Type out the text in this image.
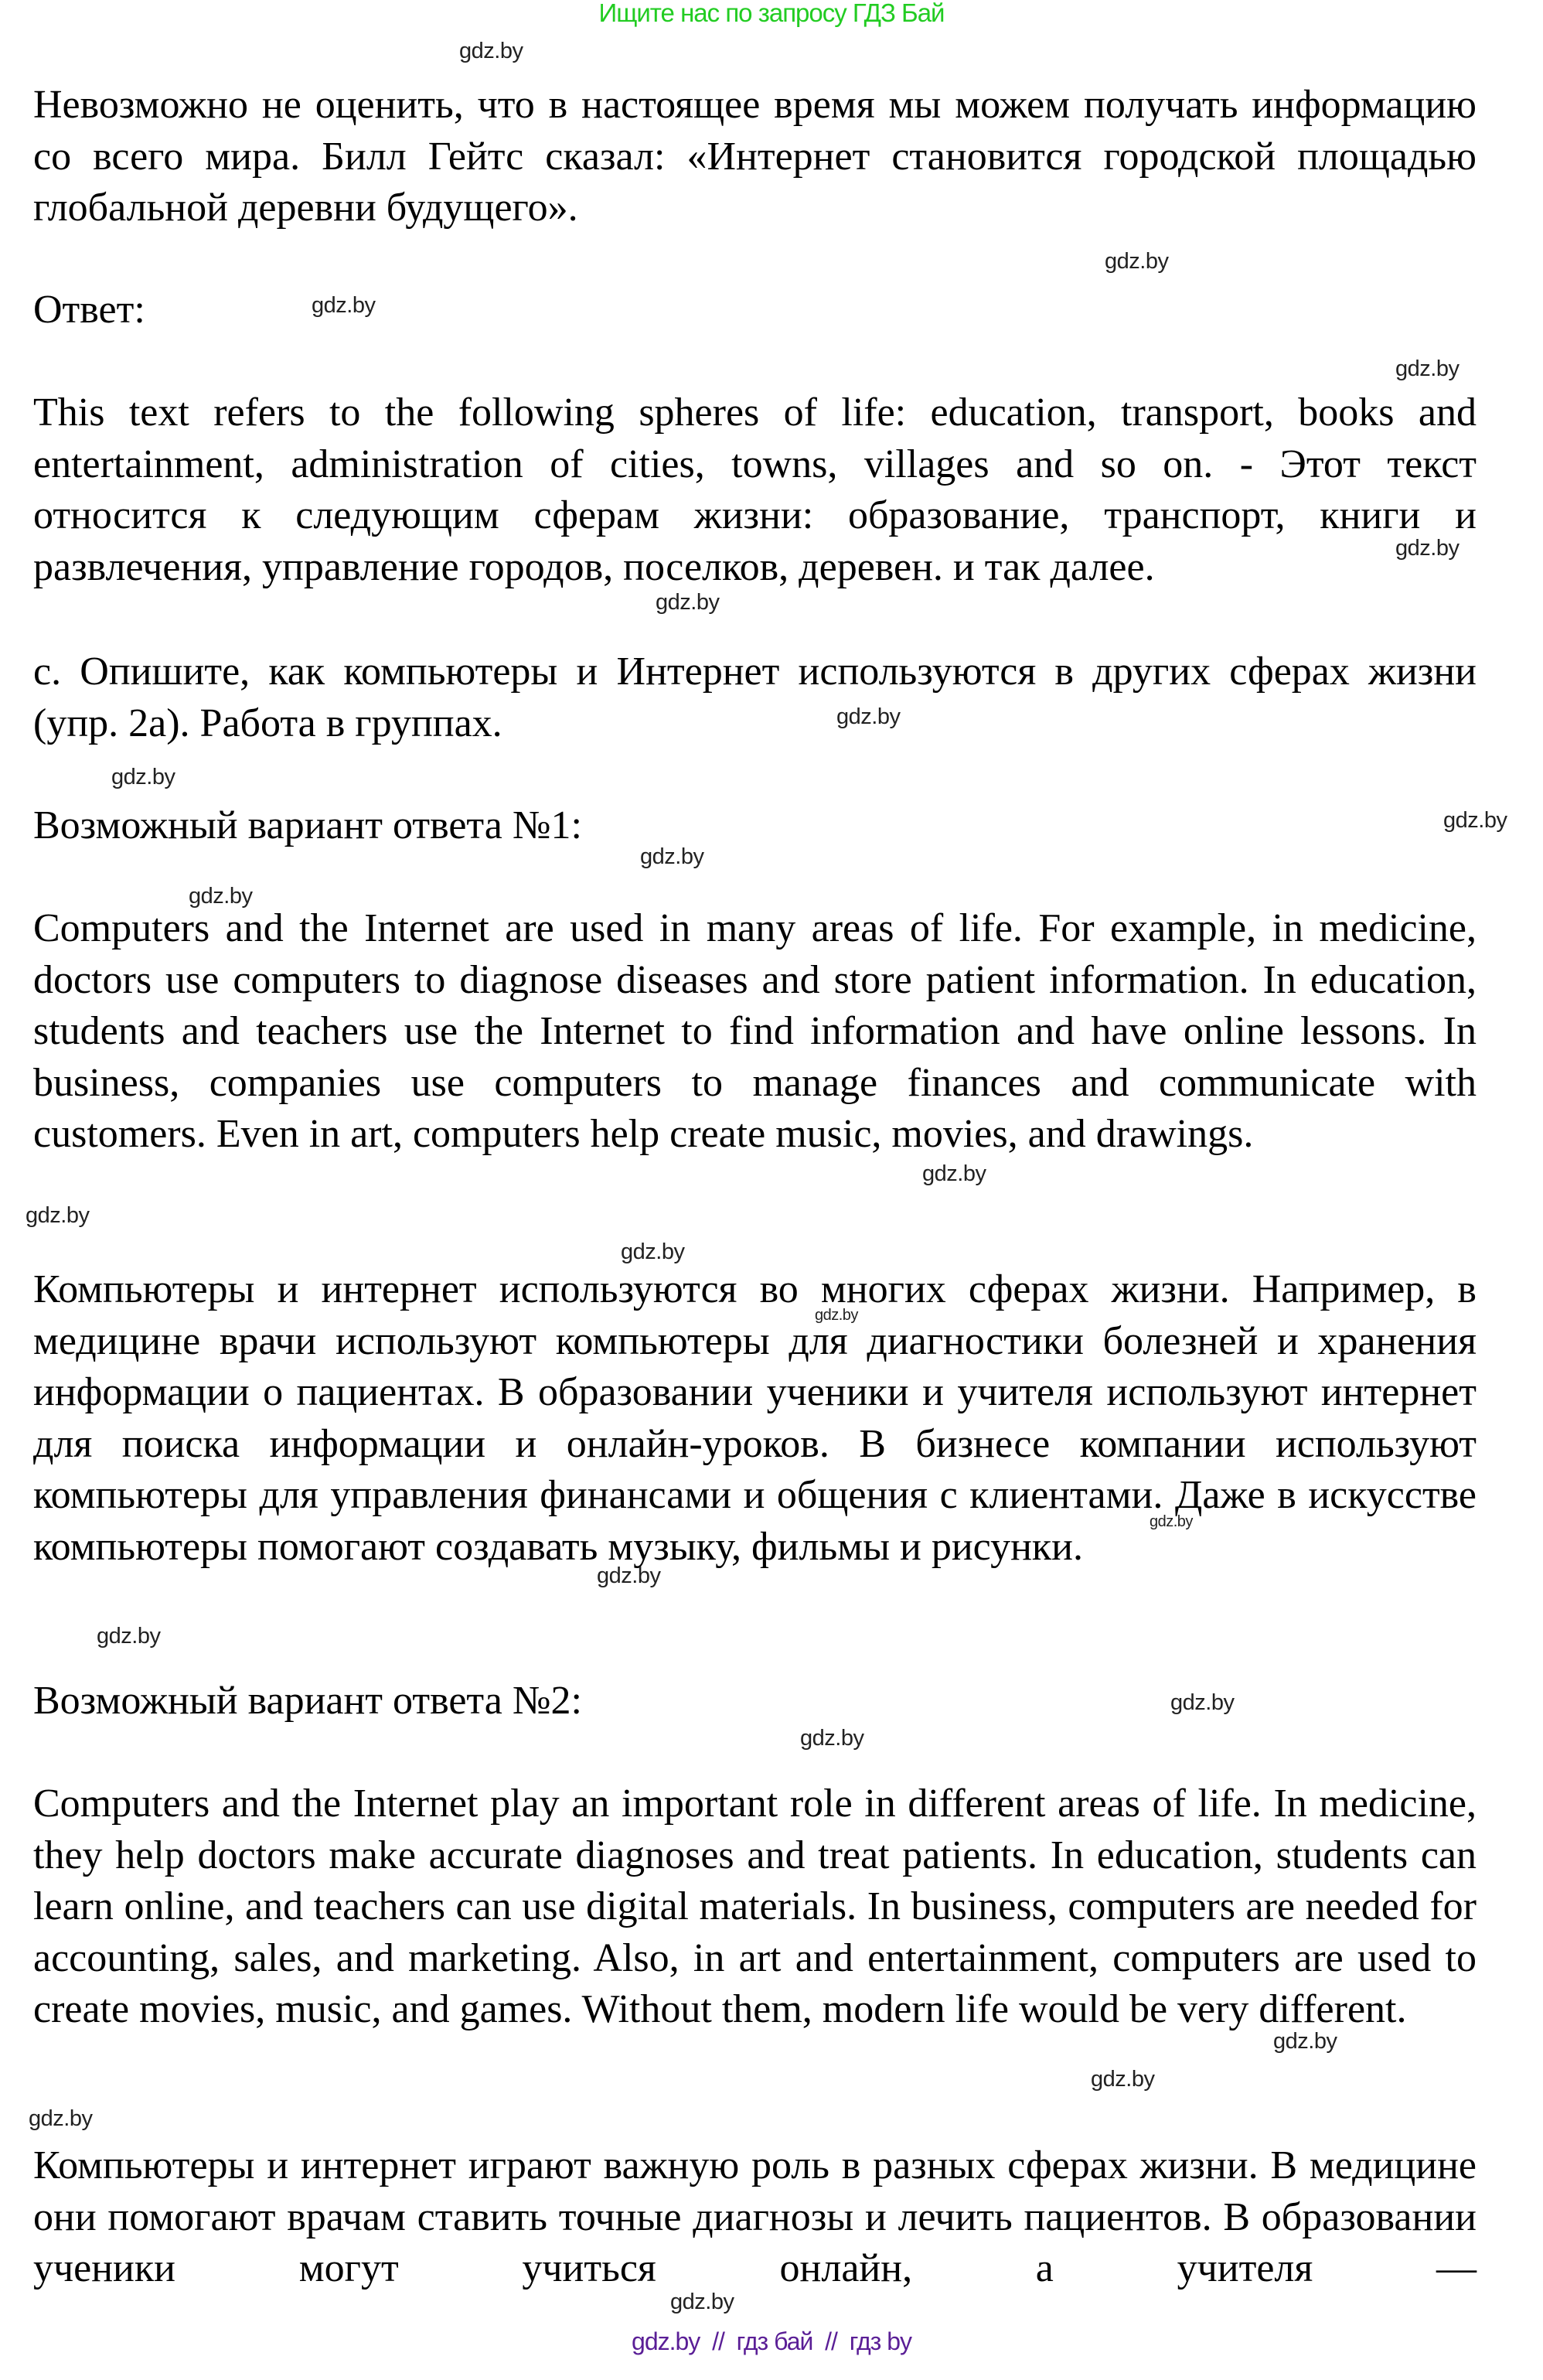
Ищите нас по запросу ГДЗ Бай

Невозможно не оценить, что в настоящее время мы можем получать информацию со всего мира. Билл Гейтс сказал: «Интернет становится городской площадью глобальной деревни будущего».

Ответ:

This text refers to the following spheres of life: education, transport, books and entertainment, administration of cities, towns, villages and so on. - Этот текст относится к следующим сферам жизни: образование, транспорт, книги и развлечения, управление городов, поселков, деревен. и так далее.

c. Опишите, как компьютеры и Интернет используются в других сферах жизни (упр. 2а). Работа в группах.

Возможный вариант ответа №1:

Computers and the Internet are used in many areas of life. For example, in medicine, doctors use computers to diagnose diseases and store patient information. In education, students and teachers use the Internet to find information and have online lessons. In business, companies use computers to manage finances and communicate with customers. Even in art, computers help create music, movies, and drawings.

Компьютеры и интернет используются во многих сферах жизни. Например, в медицине врачи используют компьютеры для диагностики болезней и хранения информации о пациентах. В образовании ученики и учителя используют интернет для поиска информации и онлайн-уроков. В бизнесе компании используют компьютеры для управления финансами и общения с клиентами. Даже в искусстве компьютеры помогают создавать музыку, фильмы и рисунки.

Возможный вариант ответа №2:

Computers and the Internet play an important role in different areas of life. In medicine, they help doctors make accurate diagnoses and treat patients. In education, students can learn online, and teachers can use digital materials. In business, computers are needed for accounting, sales, and marketing. Also, in art and entertainment, computers are used to create movies, music, and games. Without them, modern life would be very different.

Компьютеры и интернет играют важную роль в разных сферах жизни. В медицине они помогают врачам ставить точные диагнозы и лечить пациентов. В образовании ученики могут учиться онлайн, а учителя —

gdz.by
gdz.by
gdz.by
gdz.by
gdz.by
gdz.by
gdz.by
gdz.by
gdz.by
gdz.by
gdz.by
gdz.by
gdz.by
gdz.by
gdz.by
gdz.by
gdz.by
gdz.by
gdz.by
gdz.by
gdz.by
gdz.by
gdz.by
gdz.by
gdz.by  //  гдз бай  //  гдз by
